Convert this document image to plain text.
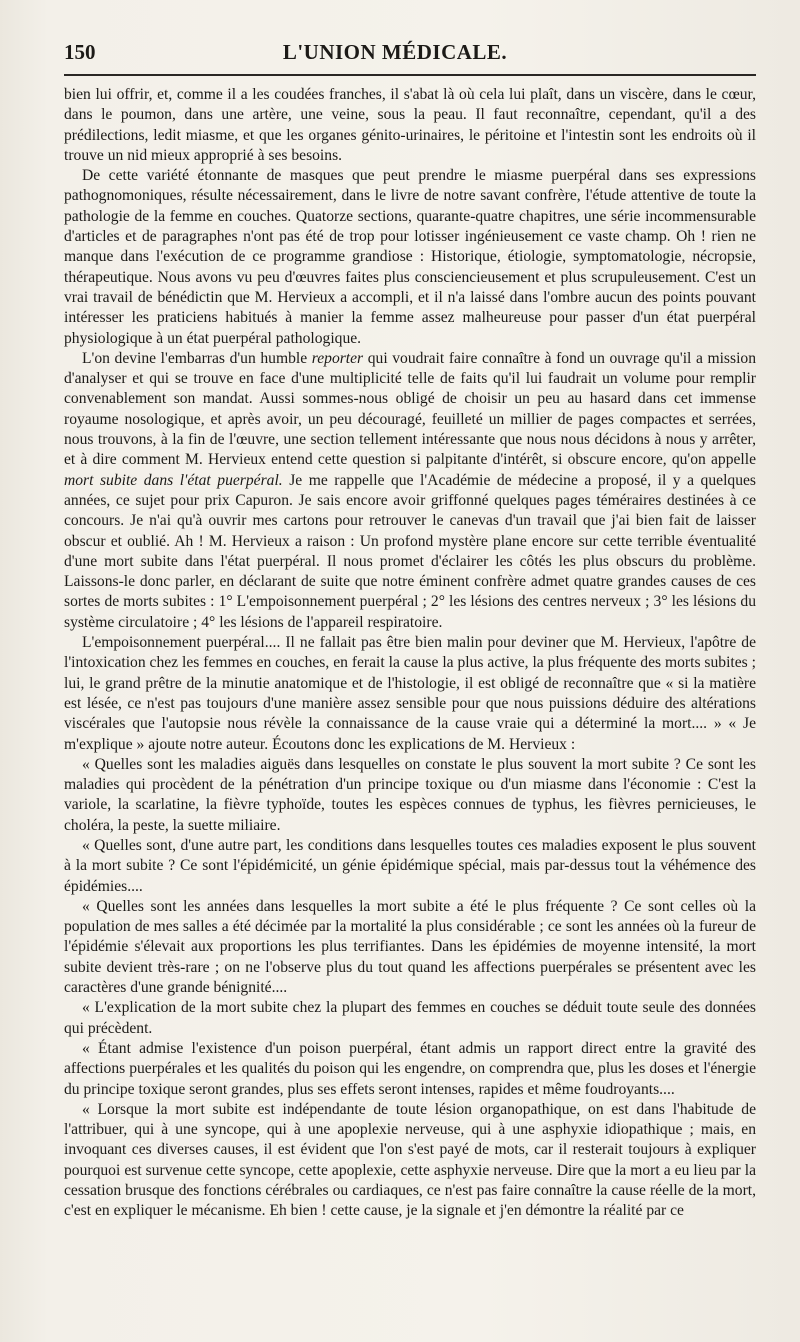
150	L'UNION MÉDICALE.

bien lui offrir, et, comme il a les coudées franches, il s'abat là où cela lui plaît, dans un viscère, dans le cœur, dans le poumon, dans une artère, une veine, sous la peau. Il faut reconnaître, cependant, qu'il a des prédilections, ledit miasme, et que les organes génito-urinaires, le péritoine et l'intestin sont les endroits où il trouve un nid mieux approprié à ses besoins.

De cette variété étonnante de masques que peut prendre le miasme puerpéral dans ses expressions pathognomoniques, résulte nécessairement, dans le livre de notre savant confrère, l'étude attentive de toute la pathologie de la femme en couches. Quatorze sections, quarante-quatre chapitres, une série incommensurable d'articles et de paragraphes n'ont pas été de trop pour lotisser ingénieusement ce vaste champ. Oh ! rien ne manque dans l'exécution de ce programme grandiose : Historique, étiologie, symptomatologie, nécropsie, thérapeutique. Nous avons vu peu d'œuvres faites plus consciencieusement et plus scrupuleusement. C'est un vrai travail de bénédictin que M. Hervieux a accompli, et il n'a laissé dans l'ombre aucun des points pouvant intéresser les praticiens habitués à manier la femme assez malheureuse pour passer d'un état puerpéral physiologique à un état puerpéral pathologique.

L'on devine l'embarras d'un humble reporter qui voudrait faire connaître à fond un ouvrage qu'il a mission d'analyser et qui se trouve en face d'une multiplicité telle de faits qu'il lui faudrait un volume pour remplir convenablement son mandat. Aussi sommes-nous obligé de choisir un peu au hasard dans cet immense royaume nosologique, et après avoir, un peu découragé, feuilleté un millier de pages compactes et serrées, nous trouvons, à la fin de l'œuvre, une section tellement intéressante que nous nous décidons à nous y arrêter, et à dire comment M. Hervieux entend cette question si palpitante d'intérêt, si obscure encore, qu'on appelle mort subite dans l'état puerpéral. Je me rappelle que l'Académie de médecine a proposé, il y a quelques années, ce sujet pour prix Capuron. Je sais encore avoir griffonné quelques pages téméraires destinées à ce concours. Je n'ai qu'à ouvrir mes cartons pour retrouver le canevas d'un travail que j'ai bien fait de laisser obscur et oublié. Ah ! M. Hervieux a raison : Un profond mystère plane encore sur cette terrible éventualité d'une mort subite dans l'état puerpéral. Il nous promet d'éclairer les côtés les plus obscurs du problème. Laissons-le donc parler, en déclarant de suite que notre éminent confrère admet quatre grandes causes de ces sortes de morts subites : 1° L'empoisonnement puerpéral ; 2° les lésions des centres nerveux ; 3° les lésions du système circulatoire ; 4° les lésions de l'appareil respiratoire.

L'empoisonnement puerpéral.... Il ne fallait pas être bien malin pour deviner que M. Hervieux, l'apôtre de l'intoxication chez les femmes en couches, en ferait la cause la plus active, la plus fréquente des morts subites ; lui, le grand prêtre de la minutie anatomique et de l'histologie, il est obligé de reconnaître que « si la matière est lésée, ce n'est pas toujours d'une manière assez sensible pour que nous puissions déduire des altérations viscérales que l'autopsie nous révèle la connaissance de la cause vraie qui a déterminé la mort.... » « Je m'explique » ajoute notre auteur. Écoutons donc les explications de M. Hervieux :

« Quelles sont les maladies aiguës dans lesquelles on constate le plus souvent la mort subite ? Ce sont les maladies qui procèdent de la pénétration d'un principe toxique ou d'un miasme dans l'économie : C'est la variole, la scarlatine, la fièvre typhoïde, toutes les espèces connues de typhus, les fièvres pernicieuses, le choléra, la peste, la suette miliaire.

« Quelles sont, d'une autre part, les conditions dans lesquelles toutes ces maladies exposent le plus souvent à la mort subite ? Ce sont l'épidémicité, un génie épidémique spécial, mais par-dessus tout la véhémence des épidémies....

« Quelles sont les années dans lesquelles la mort subite a été le plus fréquente ? Ce sont celles où la population de mes salles a été décimée par la mortalité la plus considérable ; ce sont les années où la fureur de l'épidémie s'élevait aux proportions les plus terrifiantes. Dans les épidémies de moyenne intensité, la mort subite devient très-rare ; on ne l'observe plus du tout quand les affections puerpérales se présentent avec les caractères d'une grande bénignité....

« L'explication de la mort subite chez la plupart des femmes en couches se déduit toute seule des données qui précèdent.

« Étant admise l'existence d'un poison puerpéral, étant admis un rapport direct entre la gravité des affections puerpérales et les qualités du poison qui les engendre, on comprendra que, plus les doses et l'énergie du principe toxique seront grandes, plus ses effets seront intenses, rapides et même foudroyants....

« Lorsque la mort subite est indépendante de toute lésion organopathique, on est dans l'habitude de l'attribuer, qui à une syncope, qui à une apoplexie nerveuse, qui à une asphyxie idiopathique ; mais, en invoquant ces diverses causes, il est évident que l'on s'est payé de mots, car il resterait toujours à expliquer pourquoi est survenue cette syncope, cette apoplexie, cette asphyxie nerveuse. Dire que la mort a eu lieu par la cessation brusque des fonctions cérébrales ou cardiaques, ce n'est pas faire connaître la cause réelle de la mort, c'est en expliquer le mécanisme. Eh bien ! cette cause, je la signale et j'en démontre la réalité par ce
